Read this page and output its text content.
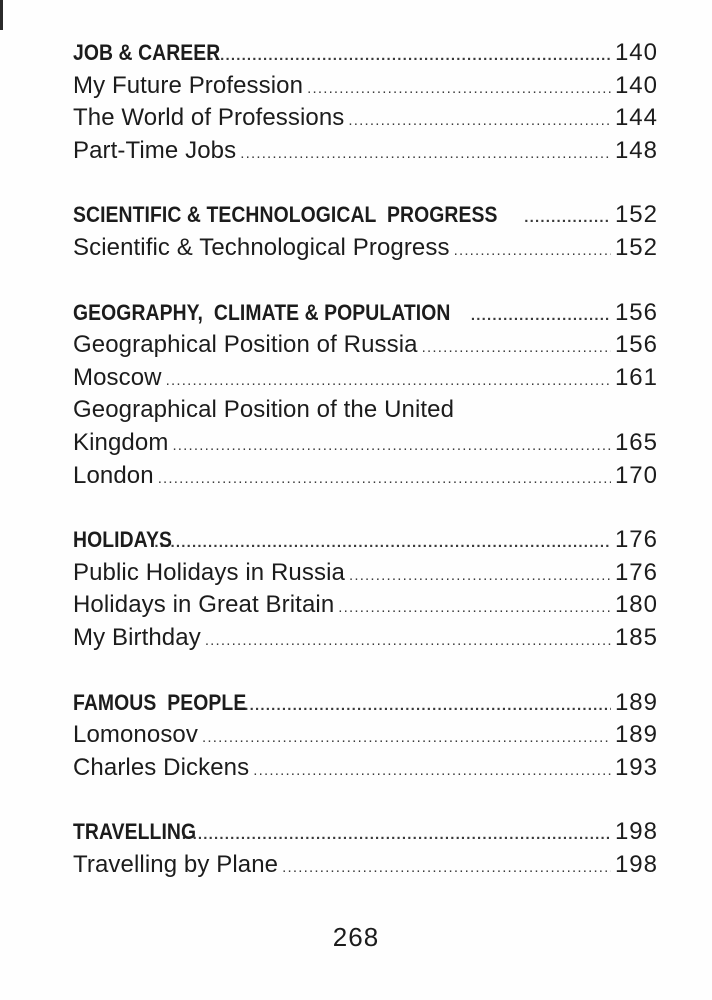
JOB & CAREER .....	140
My Future Profession .....	140
The World of Professions .....	144
Part-Time Jobs .....	148
SCIENTIFIC & TECHNOLOGICAL  PROGRESS .....	152
Scientific & Technological Progress .....	152
GEOGRAPHY,  CLIMATE & POPULATION .....	156
Geographical Position of Russia .....	156
Moscow .....	161
Geographical Position of the United
Kingdom .....	165
London .....	170
HOLIDAYS .....	176
Public Holidays in Russia .....	176
Holidays in Great Britain .....	180
My Birthday .....	185
FAMOUS  PEOPLE .....	189
Lomonosov .....	189
Charles Dickens .....	193
TRAVELLING .....	198
Travelling by Plane .....	198
268
